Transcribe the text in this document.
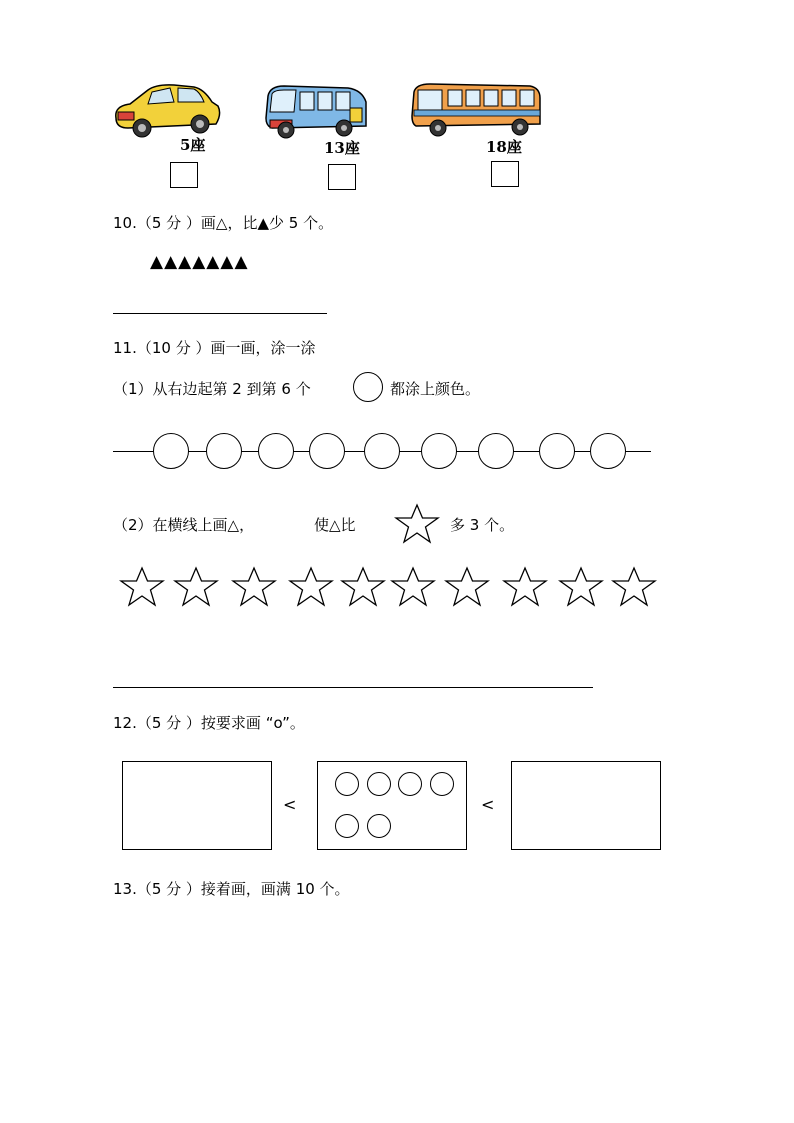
5座	13座	18座
10.（5 分 ）画△，比▲少 5 个。
▲▲▲▲▲▲▲
11.（10 分 ）画一画，涂一涂
（1）从右边起第 2 到第 6 个	都涂上颜色。
（2）在横线上画△，	使△比	多 3 个。
12.（5 分 ）按要求画 “o”。
<	<
13.（5 分 ）接着画，画满 10 个。
